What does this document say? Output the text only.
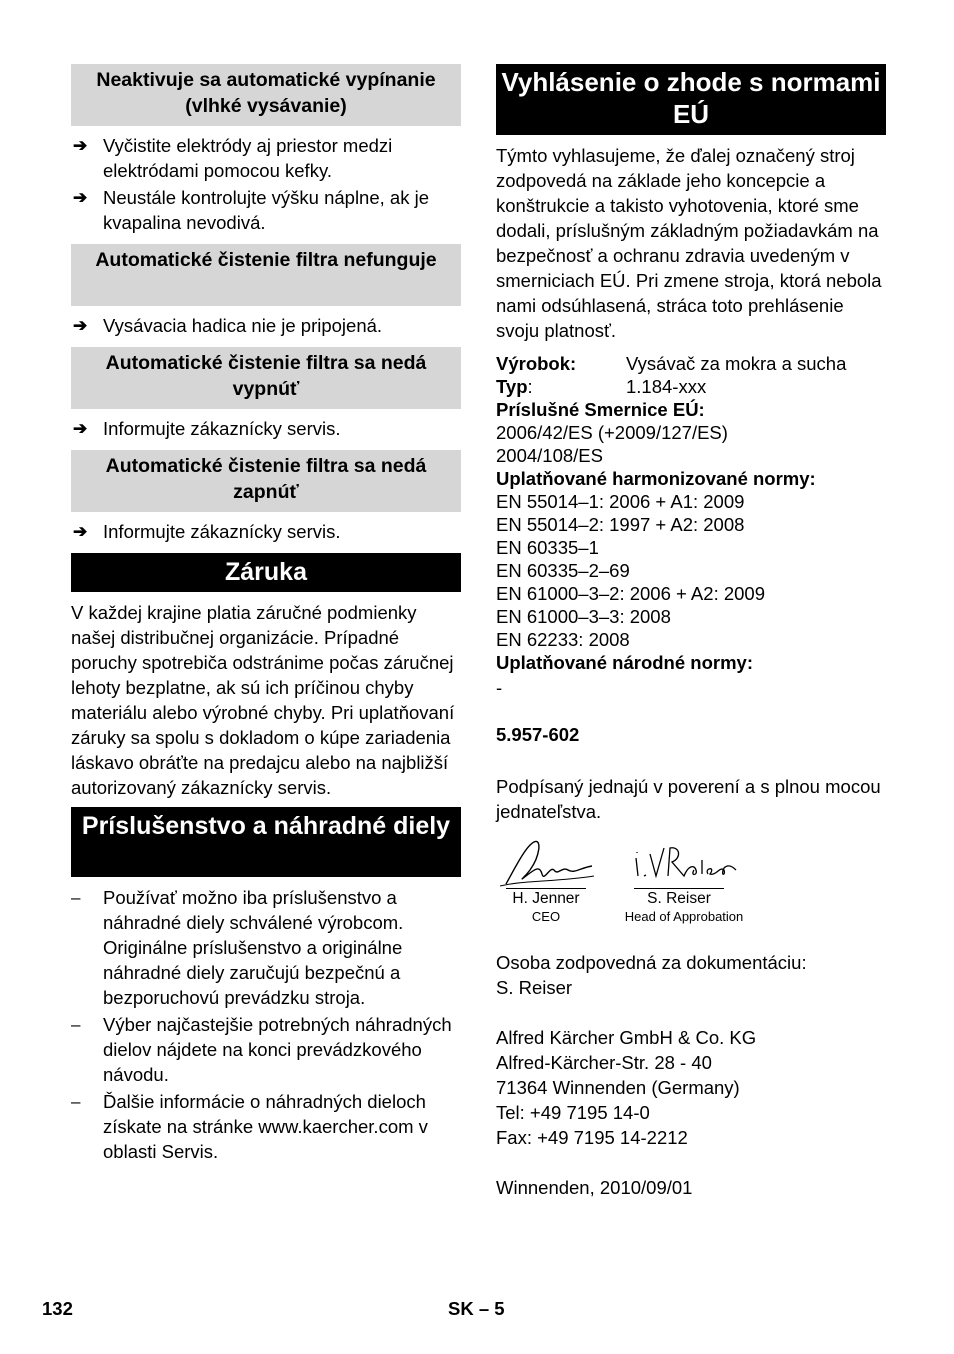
Neaktivuje sa automatické vypínanie (vlhké vysávanie)
➔ Vyčistite elektródy aj priestor medzi elektródami pomocou kefky.
➔ Neustále kontrolujte výšku náplne, ak je kvapalina nevodivá.
Automatické čistenie filtra nefunguje
➔ Vysávacia hadica nie je pripojená.
Automatické čistenie filtra sa nedá vypnúť
➔ Informujte zákaznícky servis.
Automatické čistenie filtra sa nedá zapnúť
➔ Informujte zákaznícky servis.
Záruka

V každej krajine platia záručné podmienky našej distribučnej organizácie. Prípadné poruchy spotrebiča odstránime počas záručnej lehoty bezplatne, ak sú ich príčinou chyby materiálu alebo výrobné chyby. Pri uplatňovaní záruky sa spolu s dokladom o kúpe zariadenia láskavo obráťte na predajcu alebo na najbližší autorizovaný zákaznícky servis.

Príslušenstvo a náhradné diely
– Používať možno iba príslušenstvo a náhradné diely schválené výrobcom. Originálne príslušenstvo a originálne náhradné diely zaručujú bezpečnú a bezporuchovú prevádzku stroja.
– Výber najčastejšie potrebných náhradných dielov nájdete na konci prevádzkového návodu.
– Ďalšie informácie o náhradných dieloch získate na stránke www.kaercher.com v oblasti Servis.
Vyhlásenie o zhode s normami EÚ

Týmto vyhlasujeme, že ďalej označený stroj zodpovedá na základe jeho koncepcie a konštrukcie a takisto vyhotovenia, ktoré sme dodali, príslušným základným požiadavkám na bezpečnosť a ochranu zdravia uvedeným v smerniciach EÚ. Pri zmene stroja, ktorá nebola nami odsúhlasená, stráca toto prehlásenie svoju platnosť.

Výrobok:	Vysávač za mokra a sucha
Typ:	1.184-xxx
Príslušné Smernice EÚ:
2006/42/ES (+2009/127/ES)
2004/108/ES
Uplatňované harmonizované normy:
EN 55014–1: 2006 + A1: 2009
EN 55014–2: 1997 + A2: 2008
EN 60335–1
EN 60335–2–69
EN 61000–3–2: 2006 + A2: 2009
EN 61000–3–3: 2008
EN 62233: 2008
Uplatňované národné normy:
-
5.957-602

Podpísaný jednajú v poverení a s plnou mocou jednateľstva.

H. Jenner
CEO
S. Reiser
Head of Approbation
Osoba zodpovedná za dokumentáciu:
S. Reiser
Alfred Kärcher GmbH & Co. KG
Alfred-Kärcher-Str. 28 - 40
71364 Winnenden (Germany)
Tel: +49 7195 14-0
Fax: +49 7195 14-2212
Winnenden, 2010/09/01
132	SK – 5
